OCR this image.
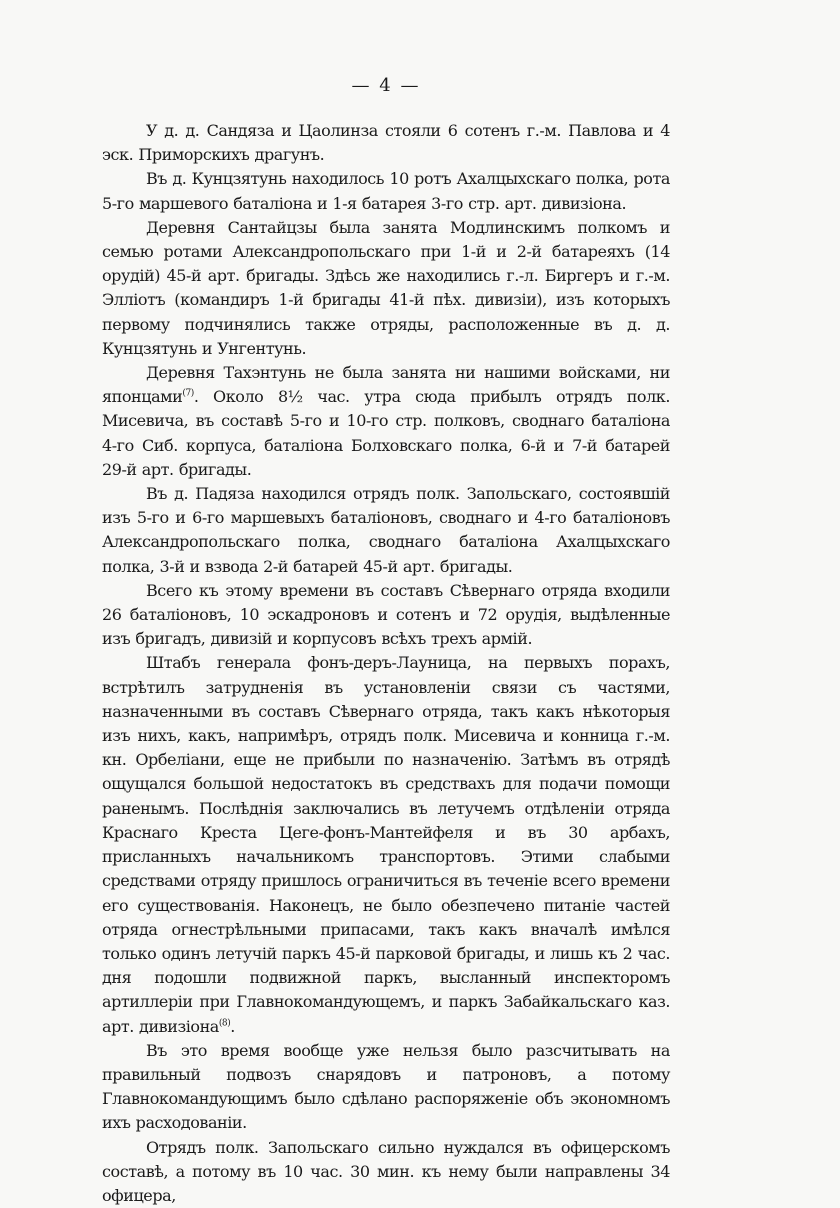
— 4 —

У д. д. Сандяза и Цаолинза стояли 6 сотенъ г.-м. Павлова и 4 эск. Приморскихъ драгунъ.

Въ д. Кунцзятунь находилось 10 ротъ Ахалцыхскаго полка, рота 5-го маршевого баталіона и 1-я батарея 3-го стр. арт. дивизіона.

Деревня Сантайцзы была занята Модлинскимъ полкомъ и семью ротами Александропольскаго при 1-й и 2-й батареяхъ (14 орудій) 45-й арт. бригады. Здѣсь же находились г.-л. Биргеръ и г.-м. Эллiотъ (командиръ 1-й бригады 41-й пѣх. дивизіи), изъ которыхъ первому подчинялись также отряды, расположенные въ д. д. Кунцзятунь и Унгентунь.

Деревня Тахэнтунь не была занята ни нашими войсками, ни японцами$^{(7)}$. Около 8½ час. утра сюда прибылъ отрядъ полк. Мисевича, въ составѣ 5-го и 10-го стр. полковъ, своднаго баталіона 4-го Сиб. корпуса, баталіона Болховскаго полка, 6-й и 7-й батарей 29-й арт. бригады.

Въ д. Падяза находился отрядъ полк. Запольскаго, состоявшій изъ 5-го и 6-го маршевыхъ баталіоновъ, своднаго и 4-го баталіоновъ Александропольскаго полка, своднаго баталіона Ахалцыхскаго полка, 3-й и взвода 2-й батарей 45-й арт. бригады.

Всего къ этому времени въ составъ Сѣвернаго отряда входили 26 баталіоновъ, 10 эскадроновъ и сотенъ и 72 орудія, выдѣленные изъ бригадъ, дивизій и корпусовъ всѣхъ трехъ армій.

Штабъ генерала фонъ-деръ-Лауница, на первыхъ порахъ, встрѣтилъ затрудненія въ установленіи связи съ частями, назначенными въ составъ Сѣвернаго отряда, такъ какъ нѣкоторыя изъ нихъ, какъ, напримѣръ, отрядъ полк. Мисевича и конница г.-м. кн. Орбеліани, еще не прибыли по назначенію. Затѣмъ въ отрядѣ ощущался большой недостатокъ въ средствахъ для подачи помощи раненымъ. Послѣднія заключались въ летучемъ отдѣленіи отряда Краснаго Креста Цеге-фонъ-Мантейфеля и въ 30 арбахъ, присланныхъ начальникомъ транспортовъ. Этими слабыми средствами отряду пришлось ограничиться въ теченіе всего времени его существованія. Наконецъ, не было обезпечено питаніе частей отряда огнестрѣльными припасами, такъ какъ вначалѣ имѣлся только одинъ летучій паркъ 45-й парковой бригады, и лишь къ 2 час. дня подошли подвижной паркъ, высланный инспекторомъ артиллеріи при Главнокомандующемъ, и паркъ Забайкальскаго каз. арт. дивизіона$^{(8)}$.

Въ это время вообще уже нельзя было разсчитывать на правильный подвозъ снарядовъ и патроновъ, а потому Главнокомандующимъ было сдѣлано распоряженіе объ экономномъ ихъ расходованіи.

Отрядъ полк. Запольскаго сильно нуждался въ офицерскомъ составѣ, а потому въ 10 час. 30 мин. къ нему были направлены 34 офицера,
